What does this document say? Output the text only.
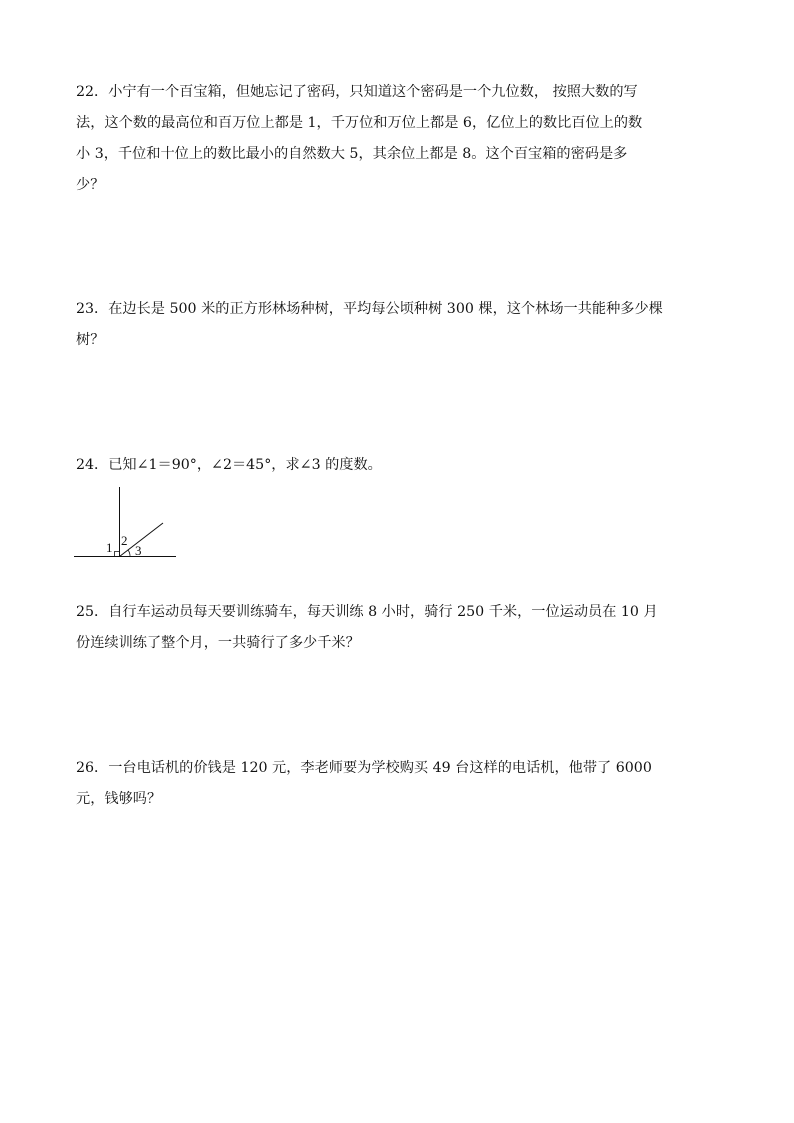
22．小宁有一个百宝箱，但她忘记了密码，只知道这个密码是一个九位数， 按照大数的写
法，这个数的最高位和百万位上都是 1，千万位和万位上都是 6，亿位上的数比百位上的数
小 3，千位和十位上的数比最小的自然数大 5，其余位上都是 8。这个百宝箱的密码是多
少？
23．在边长是 500 米的正方形林场种树，平均每公顷种树 300 棵，这个林场一共能种多少棵
树？
24．已知∠1＝90°，∠2＝45°，求∠3 的度数。
1 2
3
25．自行车运动员每天要训练骑车，每天训练 8 小时，骑行 250 千米，一位运动员在 10 月
份连续训练了整个月，一共骑行了多少千米？
26．一台电话机的价钱是 120 元，李老师要为学校购买 49 台这样的电话机，他带了 6000
元，钱够吗？
